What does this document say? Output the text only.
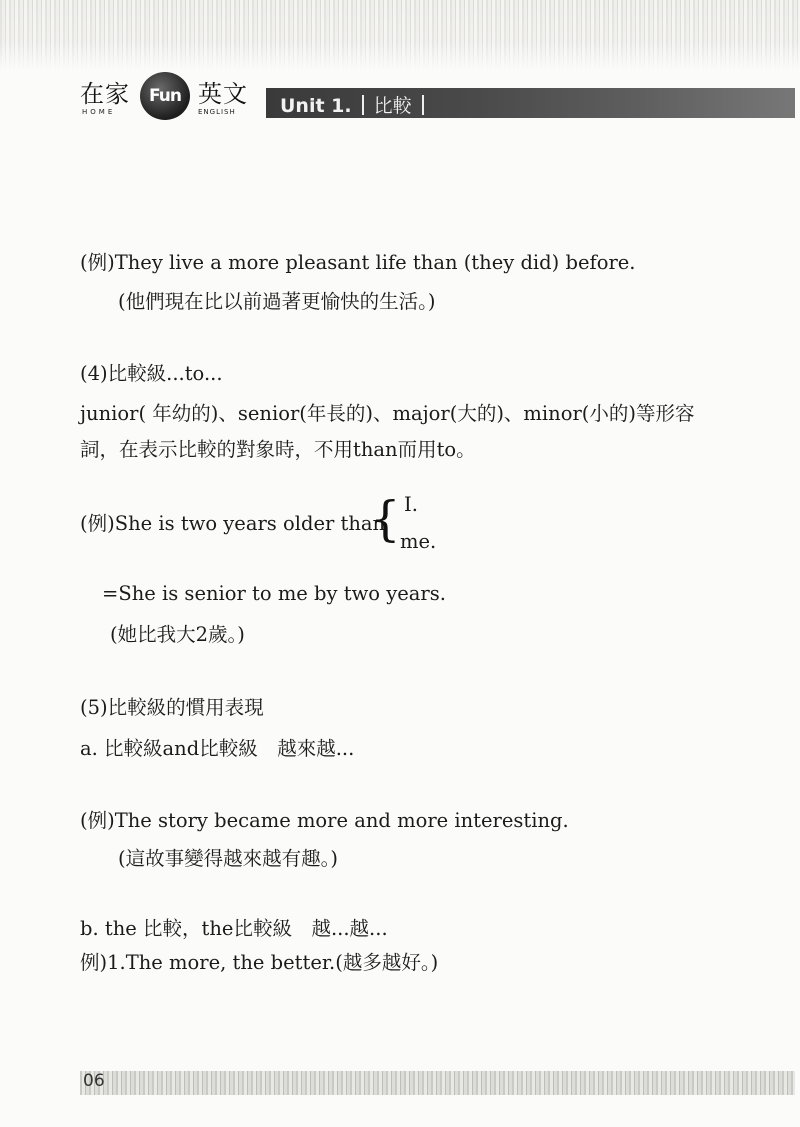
在家	Fun 英文
HOME	ENGLISH Unit 1. 比較
(例)They live a more pleasant life than (they did) before.
(他們現在比以前過著更愉快的生活。)
(4)比較級...to...
junior( 年幼的)、senior(年長的)、major(大的)、minor(小的)等形容
詞，在表示比較的對象時，不用than而用to。
(例)She is two years older than
{ I.
me.
=She is senior to me by two years.
(她比我大2歲。)
(5)比較級的慣用表現
a. 比較級and比較級　越來越...
(例)The story became more and more interesting.
(這故事變得越來越有趣。)
b. the 比較，the比較級　越...越...
例)1.The more, the better.(越多越好。)
06
